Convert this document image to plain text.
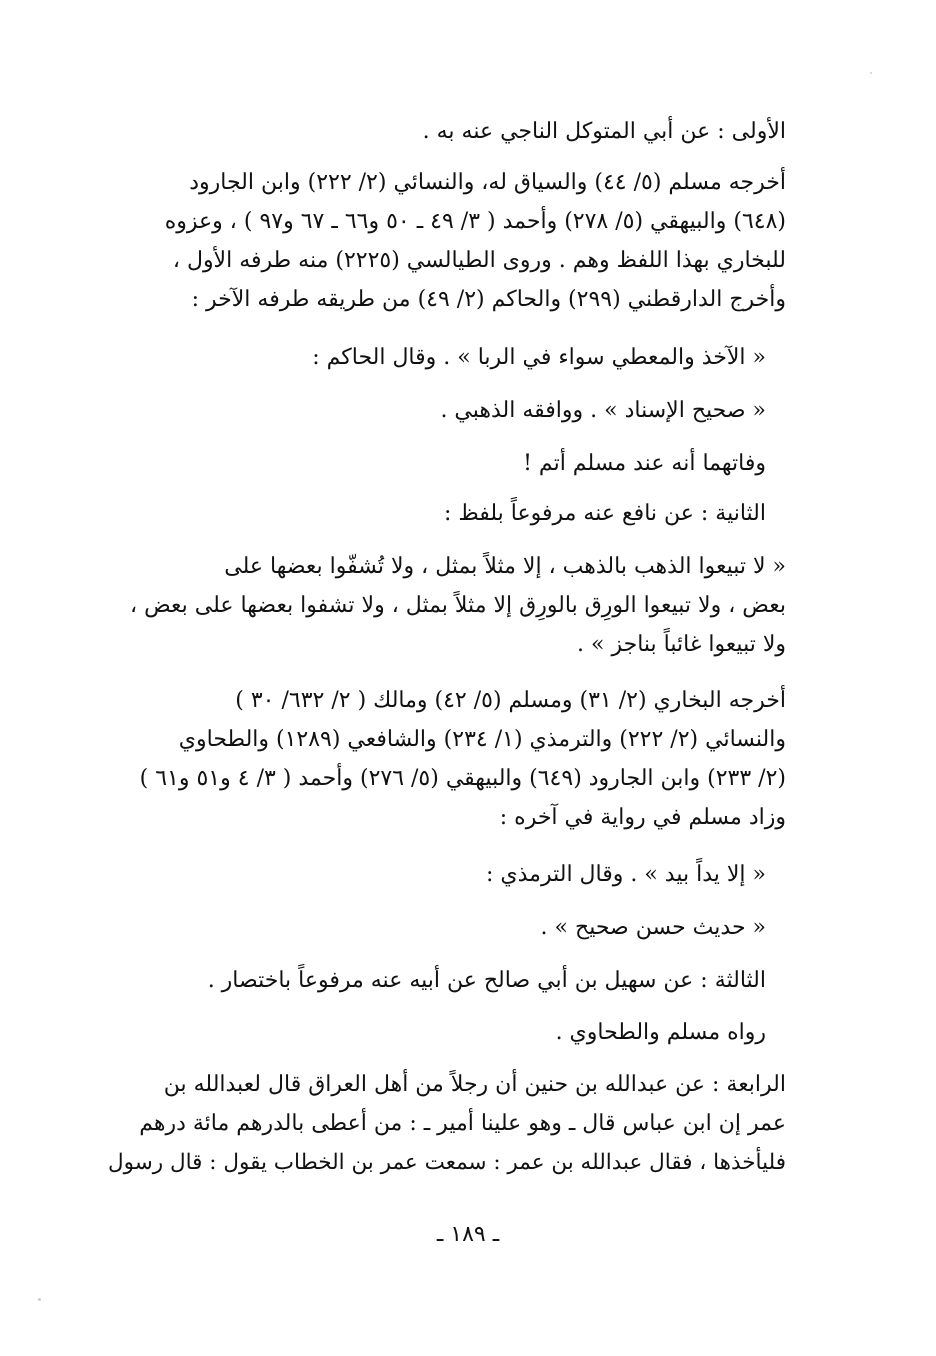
الأولى : عن أبي المتوكل الناجي عنه به .

أخرجه مسلم (٥/ ٤٤) والسياق له، والنسائي (٢/ ٢٢٢) وابن الجارود
(٦٤٨) والبيهقي (٥/ ٢٧٨) وأحمد ( ٣/ ٤٩ ـ ٥٠ و٦٦ ـ ٦٧ و٩٧ ) ، وعزوه
للبخاري بهذا اللفظ وهم . وروى الطيالسي (٢٢٢٥) منه طرفه الأول ،
وأخرج الدارقطني (٢٩٩) والحاكم (٢/ ٤٩) من طريقه طرفه الآخر :

« الآخذ والمعطي سواء في الربا » . وقال الحاكم :

« صحيح الإسناد » . ووافقه الذهبي .

وفاتهما أنه عند مسلم أتم !

الثانية : عن نافع عنه مرفوعاً بلفظ :

« لا تبيعوا الذهب بالذهب ، إلا مثلاً بمثل ، ولا تُشفّوا بعضها على
بعض ، ولا تبيعوا الورِق بالورِق إلا مثلاً بمثل ، ولا تشفوا بعضها على بعض ،
ولا تبيعوا غائباً بناجز » .

أخرجه البخاري (٢/ ٣١) ومسلم (٥/ ٤٢) ومالك ( ٢/ ٦٣٢/ ٣٠ )
والنسائي (٢/ ٢٢٢) والترمذي (١/ ٢٣٤) والشافعي (١٢٨٩) والطحاوي
(٢/ ٢٣٣) وابن الجارود (٦٤٩) والبيهقي (٥/ ٢٧٦) وأحمد ( ٣/ ٤ و٥١ و٦١ )
وزاد مسلم في رواية في آخره :

« إلا يداً بيد » . وقال الترمذي :

« حديث حسن صحيح » .

الثالثة : عن سهيل بن أبي صالح عن أبيه عنه مرفوعاً باختصار .

رواه مسلم والطحاوي .

الرابعة : عن عبدالله بن حنين أن رجلاً من أهل العراق قال لعبدالله بن
عمر إن ابن عباس قال ـ وهو علينا أمير ـ : من أعطى بالدرهم مائة درهم
فليأخذها ، فقال عبدالله بن عمر : سمعت عمر بن الخطاب يقول : قال رسول

ـ ١٨٩ ـ
